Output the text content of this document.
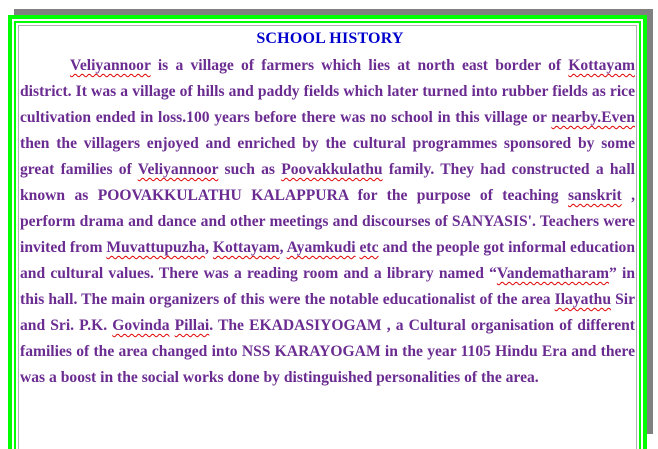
SCHOOL HISTORY

Veliyannoor is a village of farmers which lies at north east border of Kottayam district. It was a village of hills and paddy fields which later turned into rubber fields as rice cultivation ended in loss.100 years before there was no school in this village or nearby.Even then the villagers enjoyed and enriched by the cultural programmes sponsored by some great families of Veliyannoor such as Poovakkulathu family. They had constructed a hall known as POOVAKKULATHU KALAPPURA for the purpose of teaching sanskrit , perform drama and dance and other meetings and discourses of SANYASIS'. Teachers were invited from Muvattupuzha, Kottayam, Ayamkudi etc and the people got informal education and cultural values. There was a reading room and a library named “Vandematharam” in this hall. The main organizers of this were the notable educationalist of the area Ilayathu Sir and Sri. P.K. Govinda Pillai. The EKADASIYOGAM , a Cultural organisation of different families of the area changed into NSS KARAYOGAM in the year 1105 Hindu Era and there was a boost in the social works done by distinguished personalities of the area.
